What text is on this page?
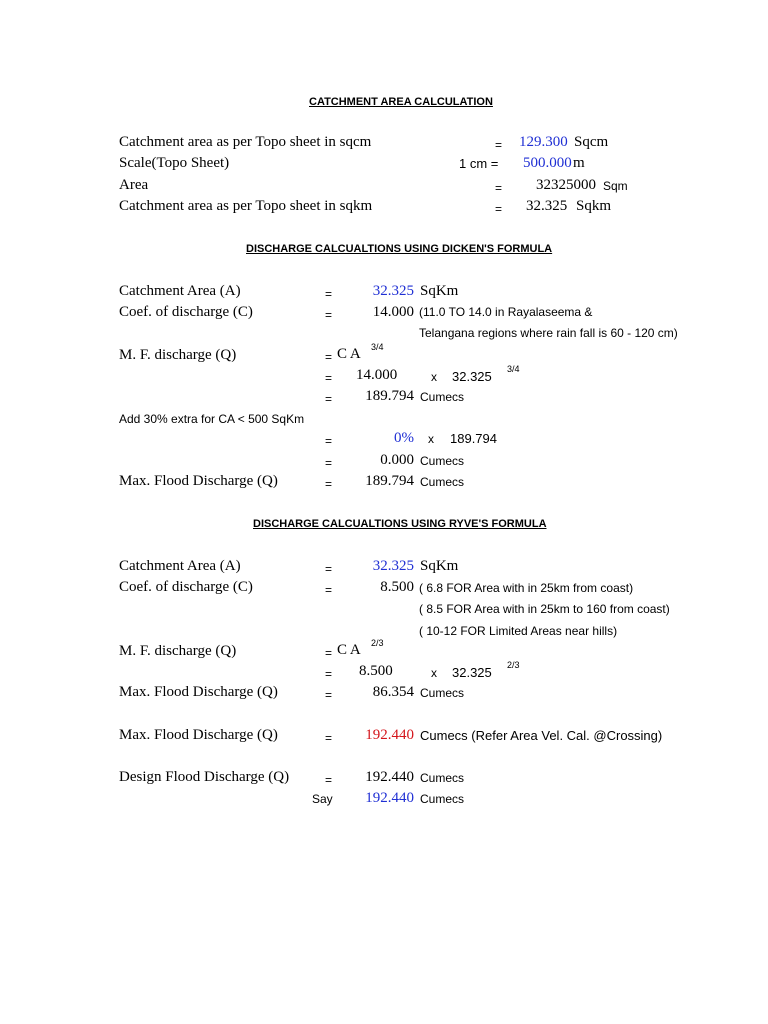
CATCHMENT AREA CALCULATION
Catchment area as per Topo sheet in sqcm	= 129.300 Sqcm
Scale(Topo Sheet)	1 cm = 500.000 m
Area	= 32325000 Sqm
Catchment area as per Topo sheet in sqkm	= 32.325 Sqkm
DISCHARGE CALCUALTIONS USING DICKEN'S FORMULA
Catchment Area (A)	=	32.325 SqKm
Coef. of discharge (C)	=	14.000 (11.0 TO 14.0 in Rayalaseema &
Telangana regions where rain fall is 60 - 120 cm)
M. F. discharge (Q)	= C A 3/4
= 14.000	x 32.325 3/4
=	189.794 Cumecs
Add 30% extra for CA < 500 SqKm
=	0% x 189.794
=	0.000 Cumecs
Max. Flood Discharge (Q)	=	189.794 Cumecs
DISCHARGE CALCUALTIONS USING RYVE'S FORMULA
Catchment Area (A)	=	32.325 SqKm
Coef. of discharge (C)	=	8.500 ( 6.8 FOR Area with in 25km from coast)
( 8.5 FOR Area with in 25km to 160 from coast)
( 10-12 FOR Limited Areas near hills)
M. F. discharge (Q)	= C A 2/3
= 8.500	x 32.325 2/3
Max. Flood Discharge (Q)	=	86.354 Cumecs
Max. Flood Discharge (Q)	=	192.440 Cumecs (Refer Area Vel. Cal. @Crossing)
Design Flood Discharge (Q)	=	192.440 Cumecs
Say	192.440 Cumecs
